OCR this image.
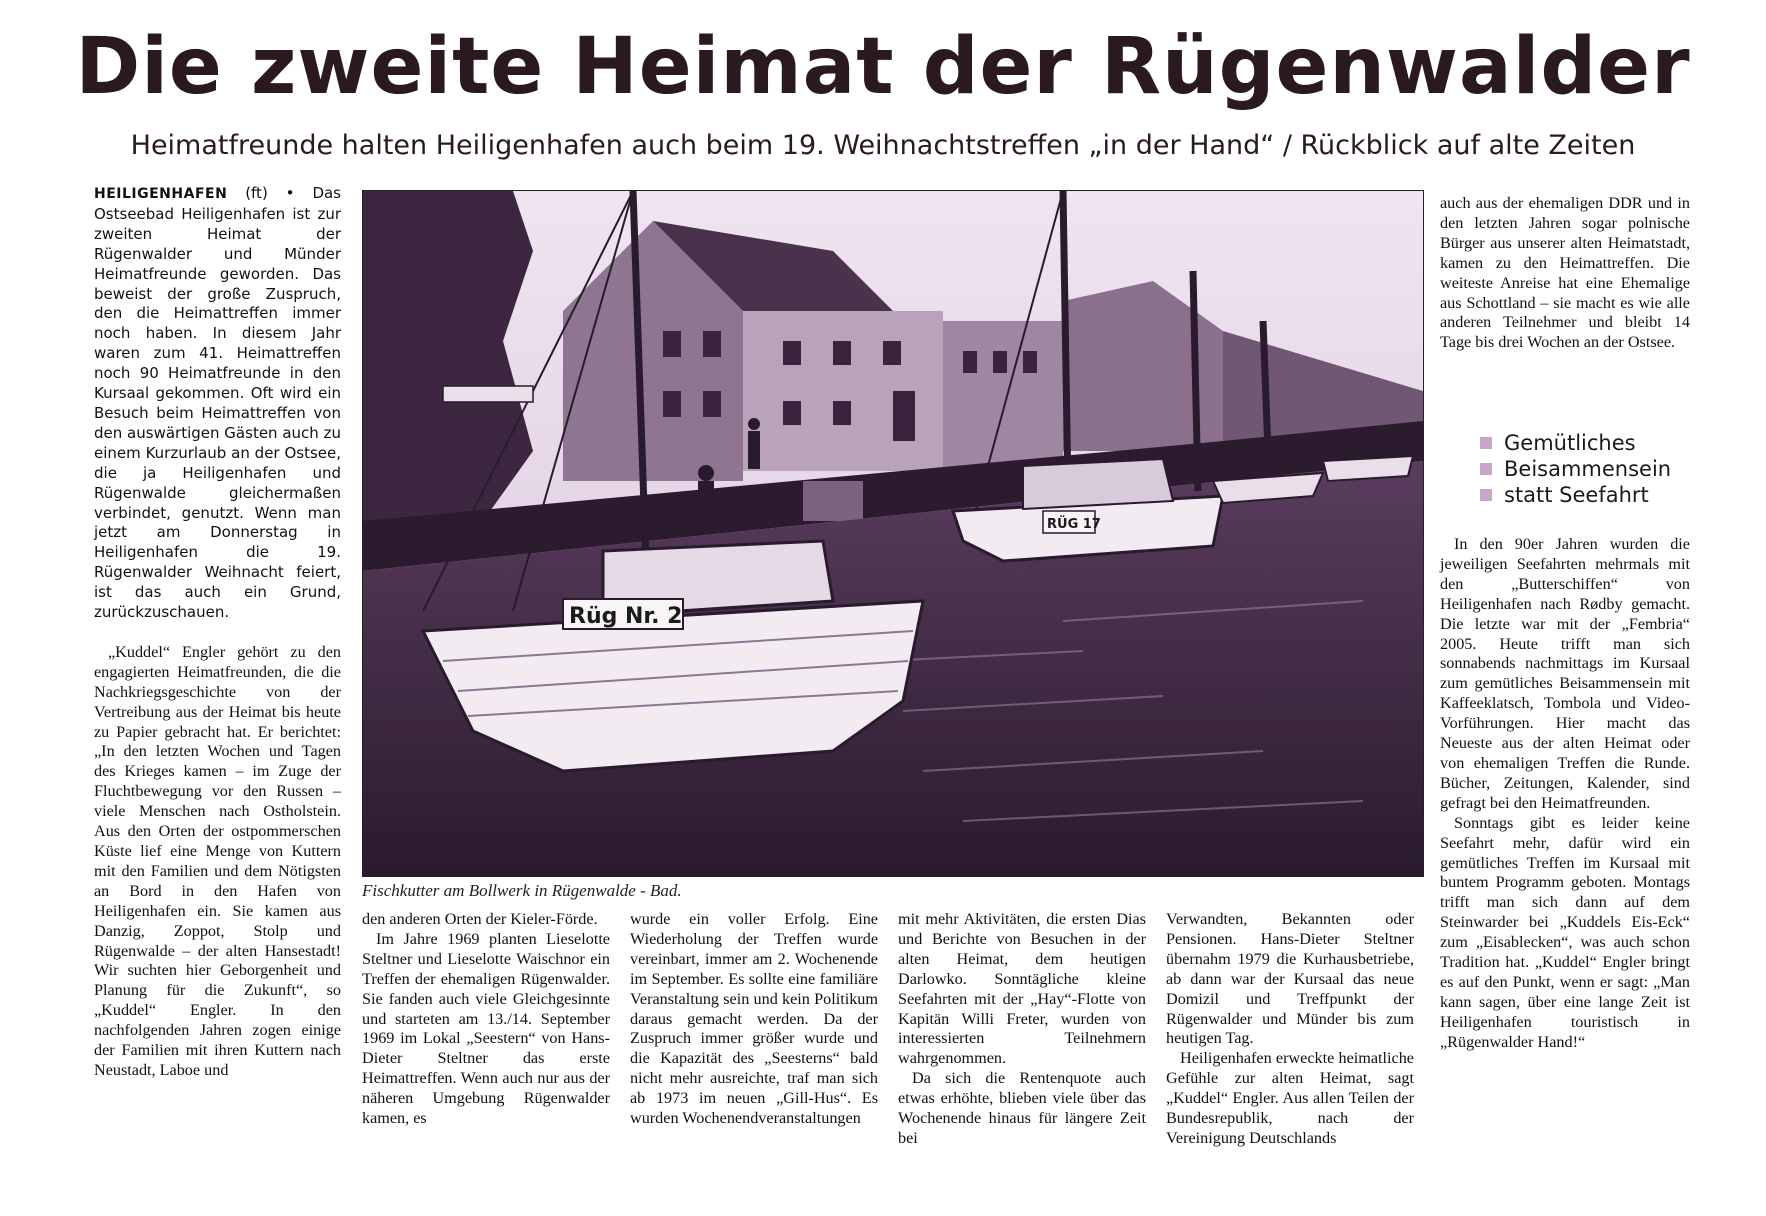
Die zweite Heimat der Rügenwalder
Heimatfreunde halten Heiligenhafen auch beim 19. Weihnachtstreffen „in der Hand“ / Rückblick auf alte Zeiten

HEILIGENHAFEN (ft) • Das Ostseebad Heiligenhafen ist zur zweiten Heimat der Rügenwalder und Münder Heimatfreunde geworden. Das beweist der große Zuspruch, den die Heimattreffen immer noch haben. In diesem Jahr waren zum 41. Heimattreffen noch 90 Heimatfreunde in den Kursaal gekommen. Oft wird ein Besuch beim Heimattreffen von den auswärtigen Gästen auch zu einem Kurzurlaub an der Ostsee, die ja Heiligenhafen und Rügenwalde gleichermaßen verbindet, genutzt. Wenn man jetzt am Donnerstag in Heiligenhafen die 19. Rügenwalder Weihnacht feiert, ist das auch ein Grund, zurückzuschauen.

„Kuddel“ Engler gehört zu den engagierten Heimatfreunden, die die Nachkriegsgeschichte von der Vertreibung aus der Heimat bis heute zu Papier gebracht hat. Er berichtet: „In den letzten Wochen und Tagen des Krieges kamen – im Zuge der Fluchtbewegung vor den Russen – viele Menschen nach Ostholstein. Aus den Orten der ostpommerschen Küste lief eine Menge von Kuttern mit den Familien und dem Nötigsten an Bord in den Hafen von Heiligenhafen ein. Sie kamen aus Danzig, Zoppot, Stolp und Rügenwalde – der alten Hansestadt! Wir suchten hier Geborgenheit und Planung für die Zukunft“, so „Kuddel“ Engler. In den nachfolgenden Jahren zogen einige der Familien mit ihren Kuttern nach Neustadt, Laboe und

Rüg Nr. 2
RÜG 17
Fischkutter am Bollwerk in Rügenwalde - Bad.

auch aus der ehemaligen DDR und in den letzten Jahren sogar polnische Bürger aus unserer alten Heimatstadt, kamen zu den Heimattreffen. Die weiteste Anreise hat eine Ehemalige aus Schottland – sie macht es wie alle anderen Teilnehmer und bleibt 14 Tage bis drei Wochen an der Ostsee.

Gemütliches
Beisammensein
statt Seefahrt

In den 90er Jahren wurden die jeweiligen Seefahrten mehrmals mit den „Butterschiffen“ von Heiligenhafen nach Rødby gemacht. Die letzte war mit der „Fembria“ 2005. Heute trifft man sich sonnabends nachmittags im Kursaal zum gemütliches Beisammensein mit Kaffeeklatsch, Tombola und Video-Vorführungen. Hier macht das Neueste aus der alten Heimat oder von ehemaligen Treffen die Runde. Bücher, Zeitungen, Kalender, sind gefragt bei den Heimatfreunden.

Sonntags gibt es leider keine Seefahrt mehr, dafür wird ein gemütliches Treffen im Kursaal mit buntem Programm geboten. Montags trifft man sich dann auf dem Steinwarder bei „Kuddels Eis-Eck“ zum „Eisablecken“, was auch schon Tradition hat. „Kuddel“ Engler bringt es auf den Punkt, wenn er sagt: „Man kann sagen, über eine lange Zeit ist Heiligenhafen touristisch in „Rügenwalder Hand!“

den anderen Orten der Kieler-Förde.

Im Jahre 1969 planten Lieselotte Steltner und Lieselotte Waischnor ein Treffen der ehemaligen Rügenwalder. Sie fanden auch viele Gleichgesinnte und starteten am 13./14. September 1969 im Lokal „Seestern“ von Hans-Dieter Steltner das erste Heimattreffen. Wenn auch nur aus der näheren Umgebung Rügenwalder kamen, es

wurde ein voller Erfolg. Eine Wiederholung der Treffen wurde vereinbart, immer am 2. Wochenende im September. Es sollte eine familiäre Veranstaltung sein und kein Politikum daraus gemacht werden. Da der Zuspruch immer größer wurde und die Kapazität des „Seesterns“ bald nicht mehr ausreichte, traf man sich ab 1973 im neuen „Gill-Hus“. Es wurden Wochenendveranstaltungen

mit mehr Aktivitäten, die ersten Dias und Berichte von Besuchen in der alten Heimat, dem heutigen Darlowko. Sonntägliche kleine Seefahrten mit der „Hay“-Flotte von Kapitän Willi Freter, wurden von interessierten Teilnehmern wahrgenommen.

Da sich die Rentenquote auch etwas erhöhte, blieben viele über das Wochenende hinaus für längere Zeit bei

Verwandten, Bekannten oder Pensionen. Hans-Dieter Steltner übernahm 1979 die Kurhausbetriebe, ab dann war der Kursaal das neue Domizil und Treffpunkt der Rügenwalder und Münder bis zum heutigen Tag.

Heiligenhafen erweckte heimatliche Gefühle zur alten Heimat, sagt „Kuddel“ Engler. Aus allen Teilen der Bundesrepublik, nach der Vereinigung Deutschlands
